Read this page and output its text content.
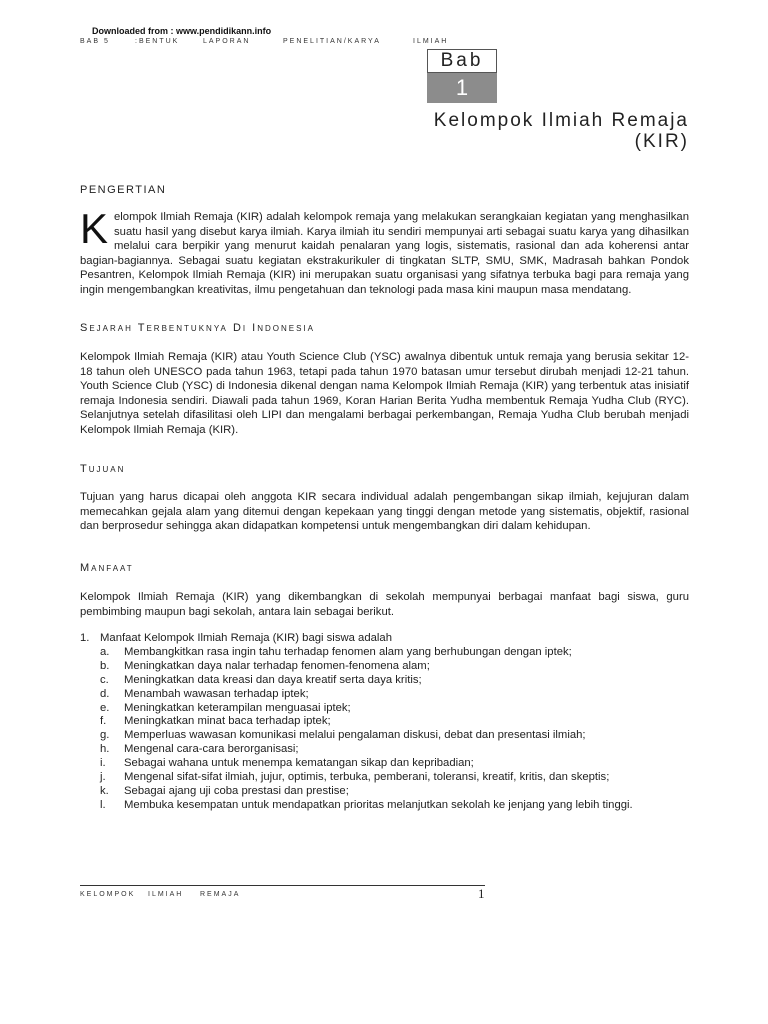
Downloaded from : www.pendidikann.info
BAB 5	:BENTUK	LAPORAN	PENELITIAN/KARYA	ILMIAH
Bab
1
Kelompok Ilmiah Remaja
(KIR)
PENGERTIAN
Kelompok Ilmiah Remaja (KIR) adalah kelompok remaja yang melakukan serangkaian kegiatan yang menghasilkan suatu hasil yang disebut karya ilmiah. Karya ilmiah itu sendiri mempunyai arti sebagai suatu karya yang dihasilkan melalui cara berpikir yang menurut kaidah penalaran yang logis, sistematis, rasional dan ada koherensi antar bagian-bagiannya. Sebagai suatu kegiatan ekstrakurikuler di tingkatan SLTP, SMU, SMK, Madrasah bahkan Pondok Pesantren, Kelompok Ilmiah Remaja (KIR) ini merupakan suatu organisasi yang sifatnya terbuka bagi para remaja yang ingin mengembangkan kreativitas, ilmu pengetahuan dan teknologi pada masa kini maupun masa mendatang.
Sejarah Terbentuknya Di Indonesia
Kelompok Ilmiah Remaja (KIR) atau Youth Science Club (YSC) awalnya dibentuk untuk remaja yang berusia sekitar 12-18 tahun oleh UNESCO pada tahun 1963, tetapi pada tahun 1970 batasan umur tersebut dirubah menjadi 12-21 tahun. Youth Science Club (YSC) di Indonesia dikenal dengan nama Kelompok Ilmiah Remaja (KIR) yang terbentuk atas inisiatif remaja Indonesia sendiri. Diawali pada tahun 1969, Koran Harian Berita Yudha membentuk Remaja Yudha Club (RYC). Selanjutnya setelah difasilitasi oleh LIPI dan mengalami berbagai perkembangan, Remaja Yudha Club berubah menjadi Kelompok Ilmiah Remaja (KIR).
Tujuan
Tujuan yang harus dicapai oleh anggota KIR secara individual adalah pengembangan sikap ilmiah, kejujuran dalam memecahkan gejala alam yang ditemui dengan kepekaan yang tinggi dengan metode yang sistematis, objektif, rasional dan berprosedur sehingga akan didapatkan kompetensi untuk mengembangkan diri dalam kehidupan.
Manfaat
Kelompok Ilmiah Remaja (KIR) yang dikembangkan di sekolah mempunyai berbagai manfaat bagi siswa, guru pembimbing maupun bagi sekolah, antara lain sebagai berikut.
1. Manfaat Kelompok Ilmiah Remaja (KIR) bagi siswa adalah
a.	Membangkitkan rasa ingin tahu terhadap fenomen alam yang berhubungan dengan iptek;
b.	Meningkatkan daya nalar terhadap fenomen-fenomena alam;
c.	Meningkatkan data kreasi dan daya kreatif serta daya kritis;
d.	Menambah wawasan terhadap iptek;
e.	Meningkatkan keterampilan menguasai iptek;
f.	Meningkatkan minat baca terhadap iptek;
g.	Memperluas wawasan komunikasi melalui pengalaman diskusi, debat dan presentasi ilmiah;
h.	Mengenal cara-cara berorganisasi;
i.	Sebagai wahana untuk menempa kematangan sikap dan kepribadian;
j.	Mengenal sifat-sifat ilmiah, jujur, optimis, terbuka, pemberani, toleransi, kreatif, kritis, dan skeptis;
k.	Sebagai ajang uji coba prestasi dan prestise;
l.	Membuka kesempatan untuk mendapatkan prioritas melanjutkan sekolah ke jenjang yang lebih tinggi.
KELOMPOK ILMIAH REMAJA	1
